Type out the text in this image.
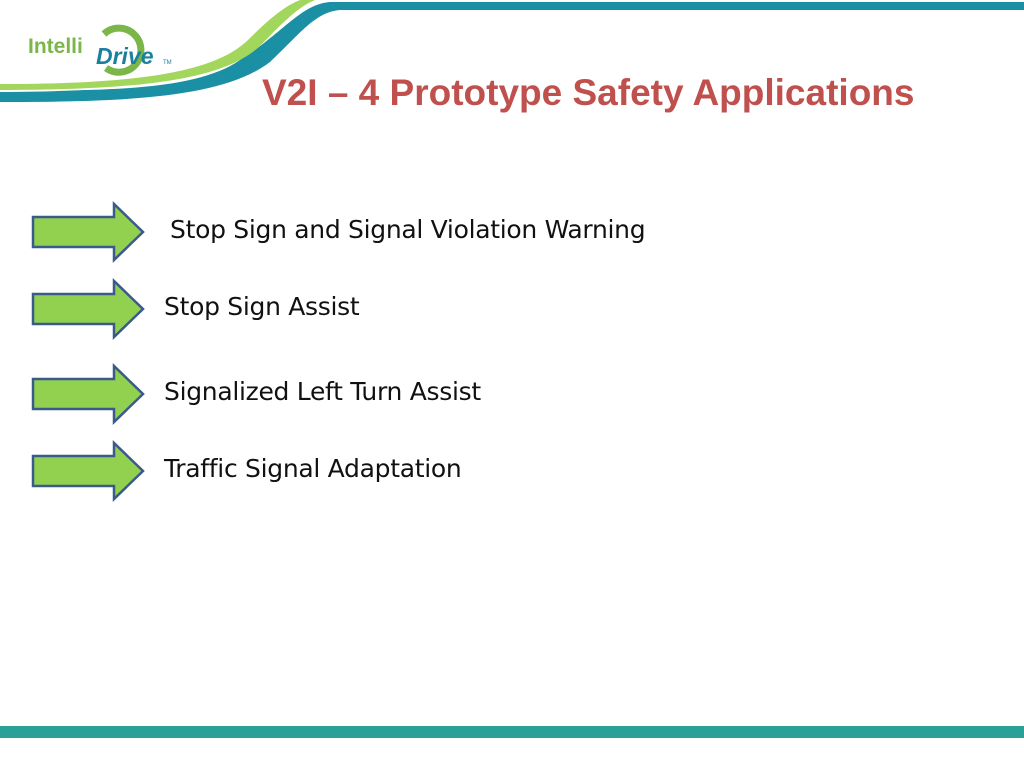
Intelli Drive TM
V2I – 4 Prototype Safety Applications
Stop Sign and Signal Violation Warning
Stop Sign Assist
Signalized Left Turn Assist
Traffic Signal Adaptation
